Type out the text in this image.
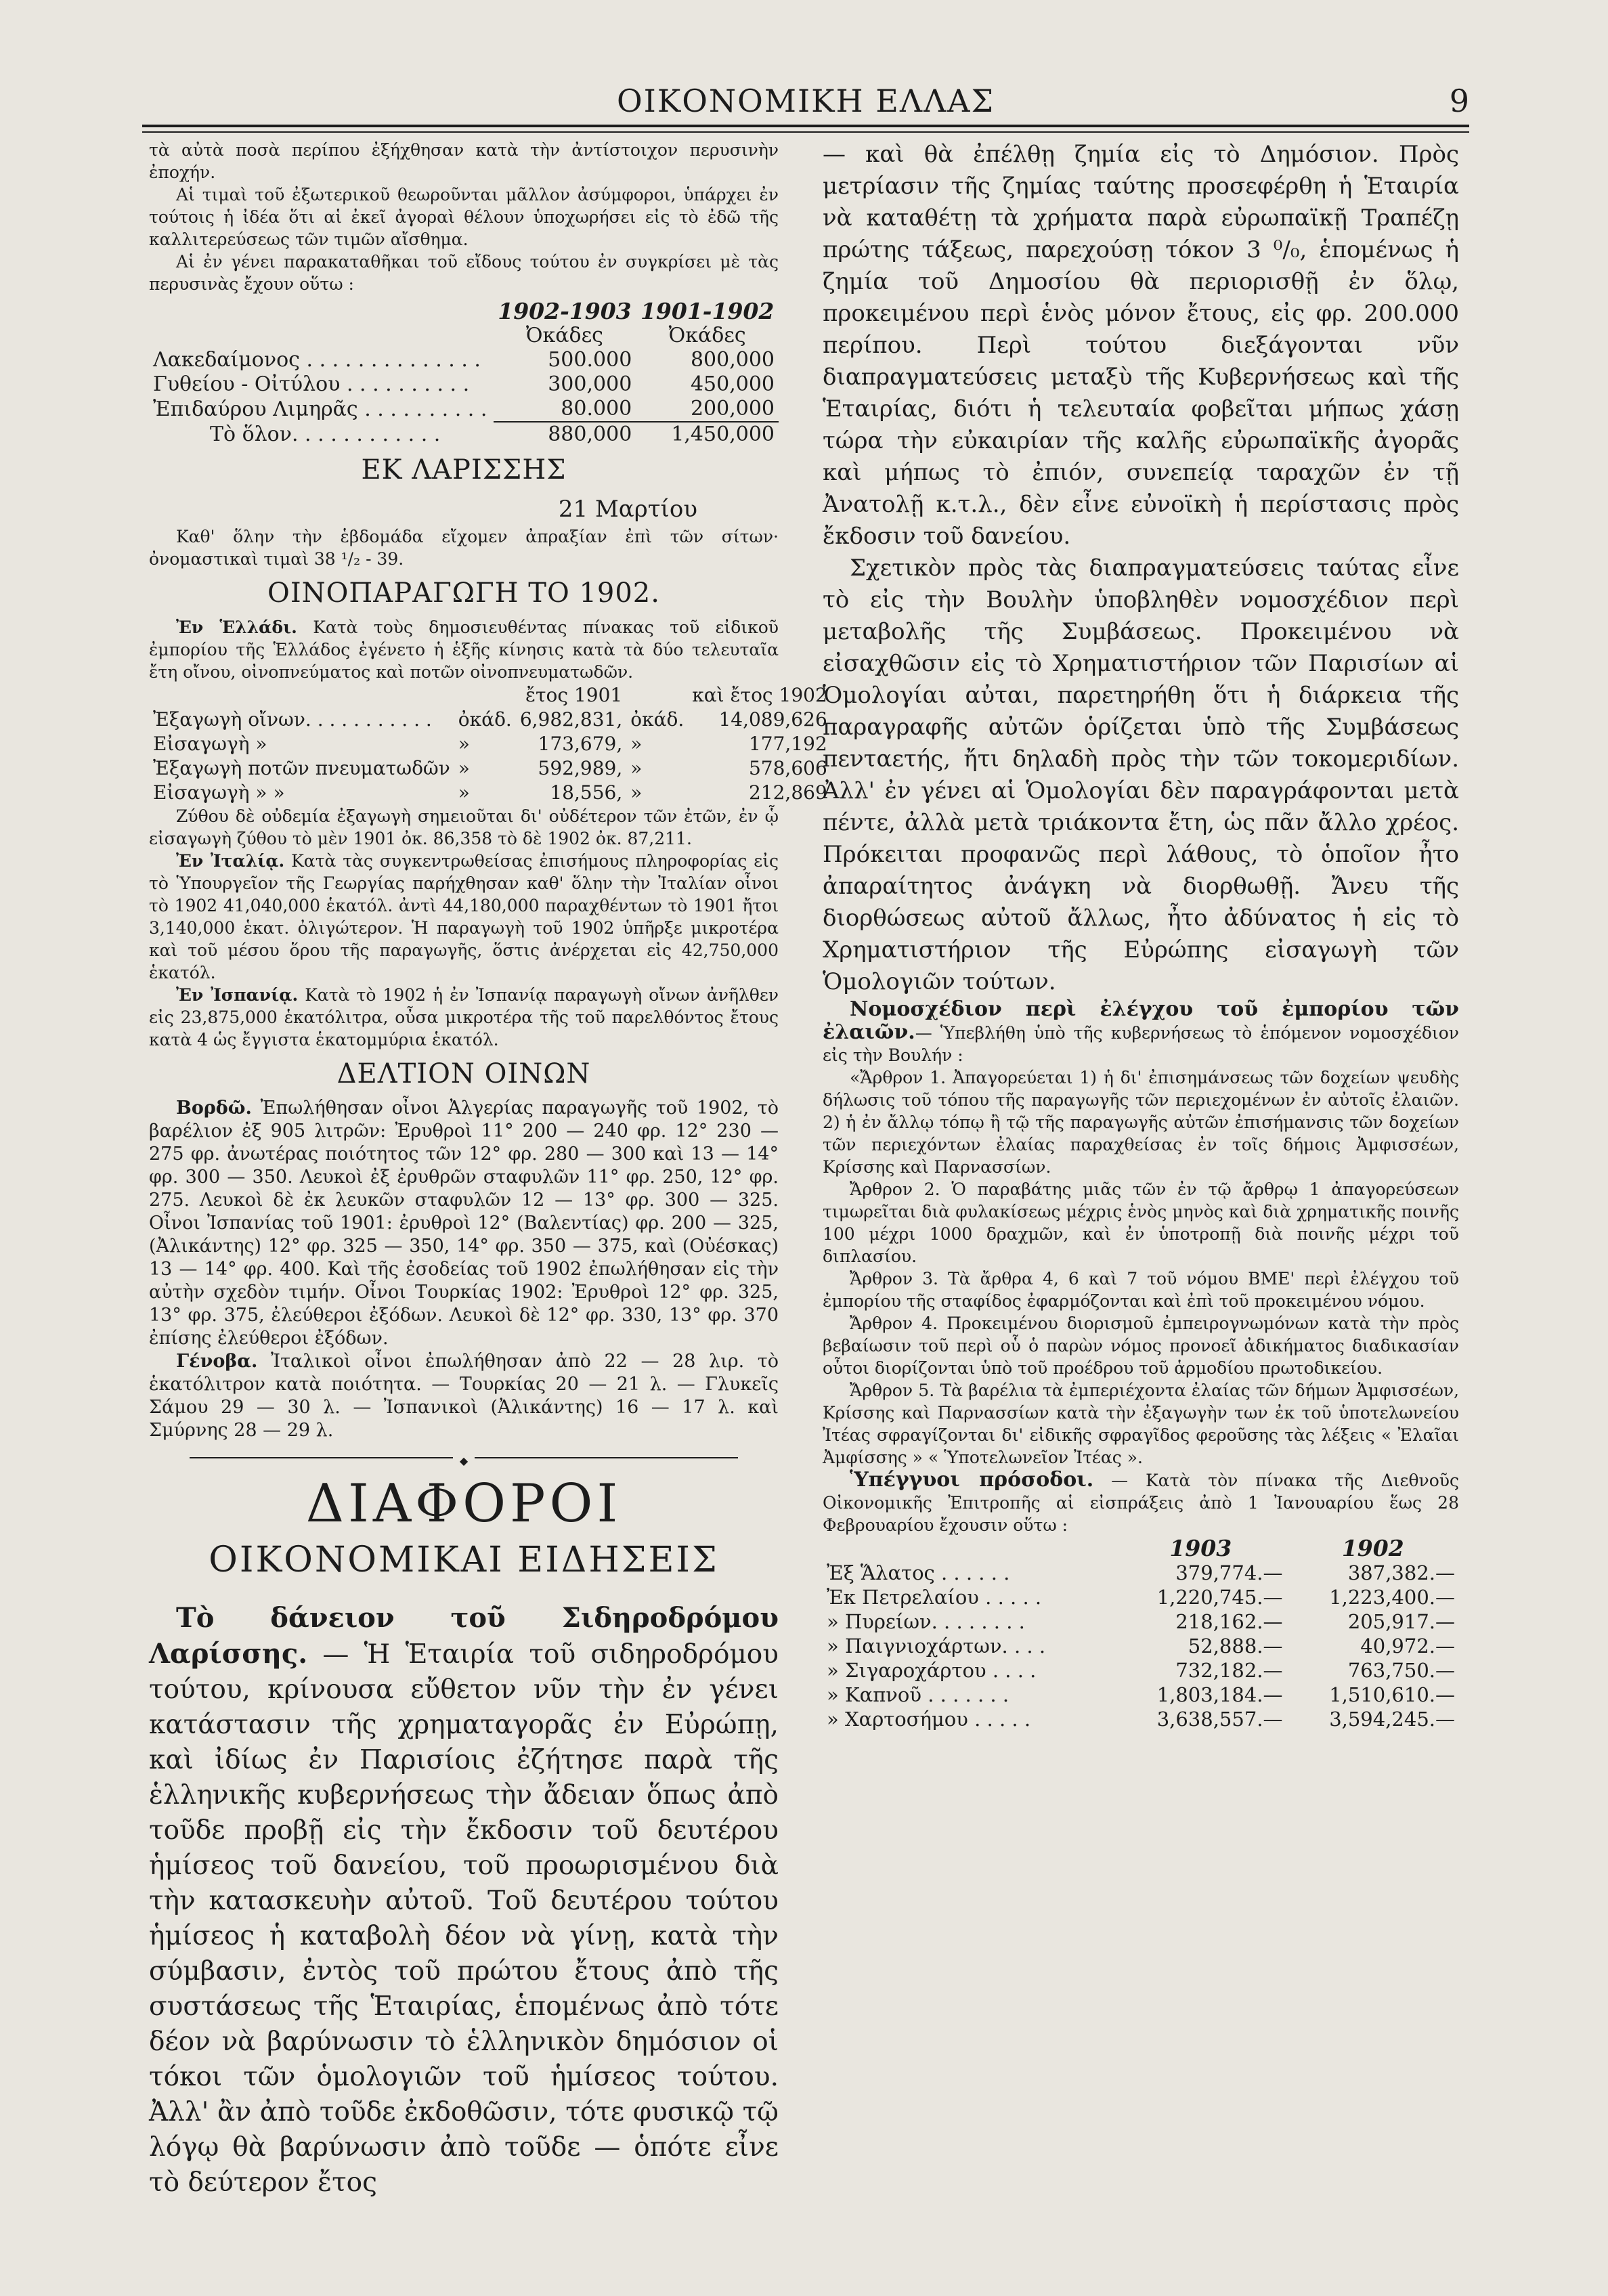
ΟΙΚΟΝΟΜΙΚΗ ΕΛΛΑΣ	9

τὰ αὐτὰ ποσὰ περίπου ἐξήχθησαν κατὰ τὴν ἀντίστοιχον περυσινὴν ἐποχήν.

Αἱ τιμαὶ τοῦ ἐξωτερικοῦ θεωροῦνται μᾶλλον ἀσύμφοροι, ὑπάρχει ἐν τούτοις ἡ ἰδέα ὅτι αἱ ἐκεῖ ἀγοραὶ θέλουν ὑποχωρήσει εἰς τὸ ἐδῶ τῆς καλλιτερεύσεως τῶν τιμῶν αἴσθημα.

Αἱ ἐν γένει παρακαταθῆκαι τοῦ εἴδους τούτου ἐν συγκρίσει μὲ τὰς περυσινὰς ἔχουν οὕτω :

	1902-1903	1901-1902
	Ὀκάδες	Ὀκάδες
Λακεδαίμονος . . . . . . . . . . . . . .	500.000	800,000
Γυθείου - Οἰτύλου . . . . . . . . . .	300,000	450,000
Ἐπιδαύρου Λιμηρᾶς . . . . . . . . . .	80.000	200,000
Τὸ ὅλον. . . . . . . . . . . .	880,000	1,450,000
ΕΚ ΛΑΡΙΣΣΗΣ
21 Μαρτίου

Καθ' ὅλην τὴν ἑβδομάδα εἴχομεν ἀπραξίαν ἐπὶ τῶν σίτων· ὀνομαστικαὶ τιμαὶ 38 ¹/₂ - 39.

ΟΙΝΟΠΑΡΑΓΩΓΗ ΤΟ 1902.

Ἐν Ἑλλάδι. Κατὰ τοὺς δημοσιευθέντας πίνακας τοῦ εἰδικοῦ ἐμπορίου τῆς Ἑλλάδος ἐγένετο ἡ ἑξῆς κίνησις κατὰ τὰ δύο τελευταῖα ἔτη οἴνου, οἰνοπνεύματος καὶ ποτῶν οἰνοπνευματωδῶν.

		ἔτος 1901		καὶ ἔτος 1902
Ἐξαγωγὴ οἴνων. . . . . . . . . . .	ὀκάδ.	6,982,831,	ὀκάδ.	14,089,626
Εἰσαγωγὴ »	»	173,679,	»	177,192
Ἐξαγωγὴ ποτῶν πνευματωδῶν	»	592,989,	»	578,606
Εἰσαγωγὴ » »	»	18,556,	»	212,869

Ζύθου δὲ οὐδεμία ἐξαγωγὴ σημειοῦται δι' οὐδέτερον τῶν ἐτῶν, ἐν ᾧ εἰσαγωγὴ ζύθου τὸ μὲν 1901 ὀκ. 86,358 τὸ δὲ 1902 ὀκ. 87,211.

Ἐν Ἰταλίᾳ. Κατὰ τὰς συγκεντρωθείσας ἐπισήμους πληροφορίας εἰς τὸ Ὑπουργεῖον τῆς Γεωργίας παρήχθησαν καθ' ὅλην τὴν Ἰταλίαν οἶνοι τὸ 1902 41,040,000 ἑκατόλ. ἀντὶ 44,180,000 παραχθέντων τὸ 1901 ἤτοι 3,140,000 ἑκατ. ὀλιγώτερον. Ἡ παραγωγὴ τοῦ 1902 ὑπῆρξε μικροτέρα καὶ τοῦ μέσου ὅρου τῆς παραγωγῆς, ὅστις ἀνέρχεται εἰς 42,750,000 ἑκατόλ.

Ἐν Ἰσπανίᾳ. Κατὰ τὸ 1902 ἡ ἐν Ἰσπανίᾳ παραγωγὴ οἴνων ἀνῆλθεν εἰς 23,875,000 ἑκατόλιτρα, οὖσα μικροτέρα τῆς τοῦ παρελθόντος ἔτους κατὰ 4 ὡς ἔγγιστα ἑκατομμύρια ἑκατόλ.

ΔΕΛΤΙΟΝ ΟΙΝΩΝ

Βορδῶ. Ἐπωλήθησαν οἶνοι Ἀλγερίας παραγωγῆς τοῦ 1902, τὸ βαρέλιον ἐξ 905 λιτρῶν: Ἐρυθροὶ 11° 200 — 240 φρ. 12° 230 — 275 φρ. ἀνωτέρας ποιότητος τῶν 12° φρ. 280 — 300 καὶ 13 — 14° φρ. 300 — 350. Λευκοὶ ἐξ ἐρυθρῶν σταφυλῶν 11° φρ. 250, 12° φρ. 275. Λευκοὶ δὲ ἐκ λευκῶν σταφυλῶν 12 — 13° φρ. 300 — 325. Οἶνοι Ἰσπανίας τοῦ 1901: ἐρυθροὶ 12° (Βαλεντίας) φρ. 200 — 325, (Ἀλικάντης) 12° φρ. 325 — 350, 14° φρ. 350 — 375, καὶ (Οὐέσκας) 13 — 14° φρ. 400. Καὶ τῆς ἐσοδείας τοῦ 1902 ἐπωλήθησαν εἰς τὴν αὐτὴν σχεδὸν τιμήν. Οἶνοι Τουρκίας 1902: Ἐρυθροὶ 12° φρ. 325, 13° φρ. 375, ἐλεύθεροι ἐξόδων. Λευκοὶ δὲ 12° φρ. 330, 13° φρ. 370 ἐπίσης ἐλεύθεροι ἐξόδων.

Γένοβα. Ἰταλικοὶ οἶνοι ἐπωλήθησαν ἀπὸ 22 — 28 λιρ. τὸ ἑκατόλιτρον κατὰ ποιότητα. — Τουρκίας 20 — 21 λ. — Γλυκεῖς Σάμου 29 — 30 λ. — Ἰσπανικοὶ (Ἀλικάντης) 16 — 17 λ. καὶ Σμύρνης 28 — 29 λ.

◆
ΔΙΑΦΟΡΟΙ
ΟΙΚΟΝΟΜΙΚΑΙ ΕΙΔΗΣΕΙΣ

Τὸ δάνειον τοῦ Σιδηροδρόμου Λαρίσσης. — Ἡ Ἑταιρία τοῦ σιδηροδρόμου τούτου, κρίνουσα εὔθετον νῦν τὴν ἐν γένει κατάστασιν τῆς χρηματαγορᾶς ἐν Εὐρώπῃ, καὶ ἰδίως ἐν Παρισίοις ἐζήτησε παρὰ τῆς ἑλληνικῆς κυβερνήσεως τὴν ἄδειαν ὅπως ἀπὸ τοῦδε προβῇ εἰς τὴν ἔκδοσιν τοῦ δευτέρου ἡμίσεος τοῦ δανείου, τοῦ προωρισμένου διὰ τὴν κατασκευὴν αὐτοῦ. Τοῦ δευτέρου τούτου ἡμίσεος ἡ καταβολὴ δέον νὰ γίνῃ, κατὰ τὴν σύμβασιν, ἐντὸς τοῦ πρώτου ἔτους ἀπὸ τῆς συστάσεως τῆς Ἑταιρίας, ἑπομένως ἀπὸ τότε δέον νὰ βαρύνωσιν τὸ ἑλληνικὸν δημόσιον οἱ τόκοι τῶν ὁμολογιῶν τοῦ ἡμίσεος τούτου. Ἀλλ' ἂν ἀπὸ τοῦδε ἐκδοθῶσιν, τότε φυσικῷ τῷ λόγῳ θὰ βαρύνωσιν ἀπὸ τοῦδε — ὁπότε εἶνε τὸ δεύτερον ἔτος

— καὶ θὰ ἐπέλθῃ ζημία εἰς τὸ Δημόσιον. Πρὸς μετρίασιν τῆς ζημίας ταύτης προσεφέρθη ἡ Ἑταιρία νὰ καταθέτῃ τὰ χρήματα παρὰ εὐρωπαϊκῇ Τραπέζῃ πρώτης τάξεως, παρεχούσῃ τόκον 3 ⁰/₀, ἑπομένως ἡ ζημία τοῦ Δημοσίου θὰ περιορισθῇ ἐν ὅλῳ, προκειμένου περὶ ἑνὸς μόνον ἔτους, εἰς φρ. 200.000 περίπου. Περὶ τούτου διεξάγονται νῦν διαπραγματεύσεις μεταξὺ τῆς Κυβερνήσεως καὶ τῆς Ἑταιρίας, διότι ἡ τελευταία φοβεῖται μήπως χάσῃ τώρα τὴν εὐκαιρίαν τῆς καλῆς εὐρωπαϊκῆς ἀγορᾶς καὶ μήπως τὸ ἐπιόν, συνεπείᾳ ταραχῶν ἐν τῇ Ἀνατολῇ κ.τ.λ., δὲν εἶνε εὐνοϊκὴ ἡ περίστασις πρὸς ἔκδοσιν τοῦ δανείου.

Σχετικὸν πρὸς τὰς διαπραγματεύσεις ταύτας εἶνε τὸ εἰς τὴν Βουλὴν ὑποβληθὲν νομοσχέδιον περὶ μεταβολῆς τῆς Συμβάσεως. Προκειμένου νὰ εἰσαχθῶσιν εἰς τὸ Χρηματιστήριον τῶν Παρισίων αἱ Ὁμολογίαι αὐται, παρετηρήθη ὅτι ἡ διάρκεια τῆς παραγραφῆς αὐτῶν ὁρίζεται ὑπὸ τῆς Συμβάσεως πενταετής, ἤτι δηλαδὴ πρὸς τὴν τῶν τοκομεριδίων. Ἀλλ' ἐν γένει αἱ Ὁμολογίαι δὲν παραγράφονται μετὰ πέντε, ἀλλὰ μετὰ τριάκοντα ἔτη, ὡς πᾶν ἄλλο χρέος. Πρόκειται προφανῶς περὶ λάθους, τὸ ὁποῖον ἦτο ἀπαραίτητος ἀνάγκη νὰ διορθωθῇ. Ἄνευ τῆς διορθώσεως αὐτοῦ ἄλλως, ἦτο ἀδύνατος ἡ εἰς τὸ Χρηματιστήριον τῆς Εὐρώπης εἰσαγωγὴ τῶν Ὁμολογιῶν τούτων.

Νομοσχέδιον περὶ ἐλέγχου τοῦ ἐμπορίου τῶν ἐλαιῶν.— Ὑπεβλήθη ὑπὸ τῆς κυβερνήσεως τὸ ἑπόμενον νομοσχέδιον εἰς τὴν Βουλήν :

«Ἄρθρον 1. Ἀπαγορεύεται 1) ἡ δι' ἐπισημάνσεως τῶν δοχείων ψευδὴς δήλωσις τοῦ τόπου τῆς παραγωγῆς τῶν περιεχομένων ἐν αὐτοῖς ἐλαιῶν. 2) ἡ ἐν ἄλλῳ τόπῳ ἢ τῷ τῆς παραγωγῆς αὐτῶν ἐπισήμανσις τῶν δοχείων τῶν περιεχόντων ἐλαίας παραχθείσας ἐν τοῖς δήμοις Ἀμφισσέων, Κρίσσης καὶ Παρνασσίων.

Ἄρθρον 2. Ὁ παραβάτης μιᾶς τῶν ἐν τῷ ἄρθρῳ 1 ἀπαγορεύσεων τιμωρεῖται διὰ φυλακίσεως μέχρις ἑνὸς μηνὸς καὶ διὰ χρηματικῆς ποινῆς 100 μέχρι 1000 δραχμῶν, καὶ ἐν ὑποτροπῇ διὰ ποινῆς μέχρι τοῦ διπλασίου.

Ἄρθρον 3. Τὰ ἄρθρα 4, 6 καὶ 7 τοῦ νόμου ΒΜΕ' περὶ ἐλέγχου τοῦ ἐμπορίου τῆς σταφίδος ἐφαρμόζονται καὶ ἐπὶ τοῦ προκειμένου νόμου.

Ἄρθρον 4. Προκειμένου διορισμοῦ ἐμπειρογνωμόνων κατὰ τὴν πρὸς βεβαίωσιν τοῦ περὶ οὗ ὁ παρὼν νόμος προνοεῖ ἀδικήματος διαδικασίαν οὗτοι διορίζονται ὑπὸ τοῦ προέδρου τοῦ ἁρμοδίου πρωτοδικείου.

Ἄρθρον 5. Τὰ βαρέλια τὰ ἐμπεριέχοντα ἐλαίας τῶν δήμων Ἀμφισσέων, Κρίσσης καὶ Παρνασσίων κατὰ τὴν ἐξαγωγὴν των ἐκ τοῦ ὑποτελωνείου Ἰτέας σφραγίζονται δι' εἰδικῆς σφραγῖδος φεροῦσης τὰς λέξεις « Ἐλαῖαι Ἀμφίσσης » « Ὑποτελωνεῖον Ἰτέας ».

Ὑπέγγυοι πρόσοδοι. — Κατὰ τὸν πίνακα τῆς Διεθνοῦς Οἰκονομικῆς Ἐπιτροπῆς αἱ εἰσπράξεις ἀπὸ 1 Ἰανουαρίου ἕως 28 Φεβρουαρίου ἔχουσιν οὕτω :

	1903	1902
Ἐξ Ἅλατος . . . . . .	379,774.—	387,382.—
Ἐκ Πετρελαίου . . . . .	1,220,745.—	1,223,400.—
» Πυρείων. . . . . . . .	218,162.—	205,917.—
» Παιγνιοχάρτων. . . .	52,888.—	40,972.—
» Σιγαροχάρτου . . . .	732,182.—	763,750.—
» Καπνοῦ . . . . . . .	1,803,184.—	1,510,610.—
» Χαρτοσήμου . . . . .	3,638,557.—	3,594,245.—
